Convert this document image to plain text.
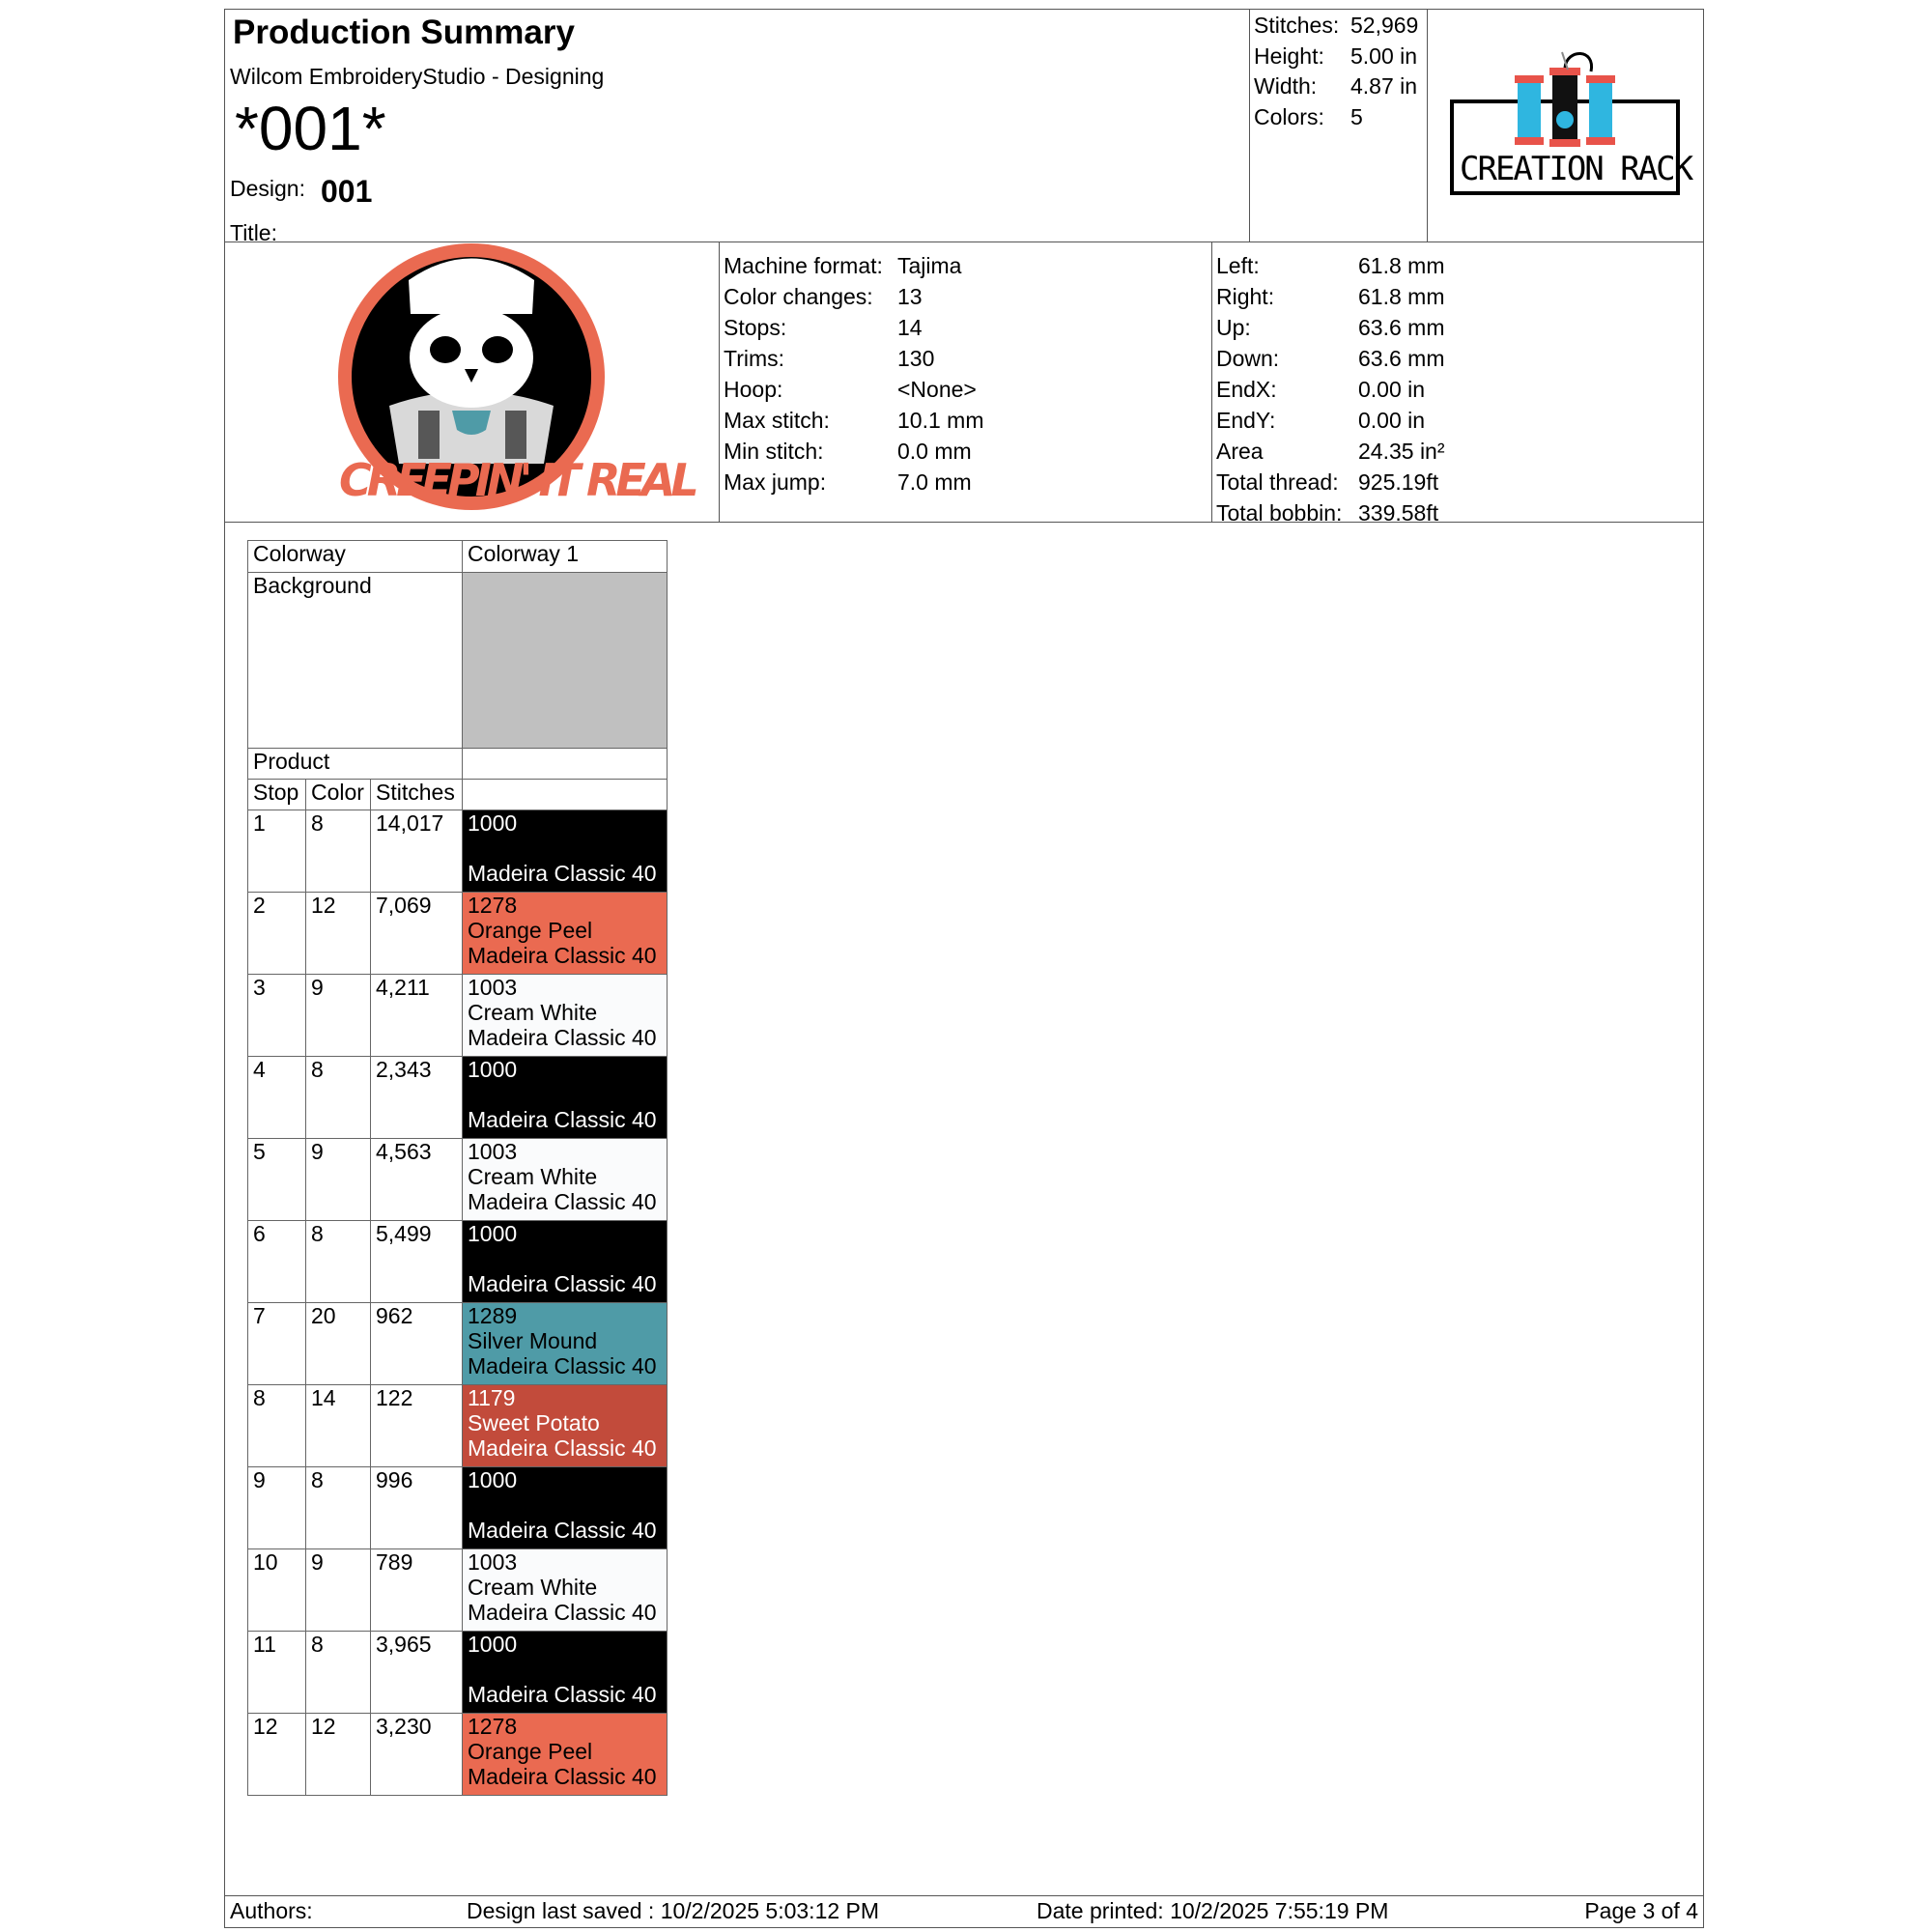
Production Summary
Wilcom EmbroideryStudio - Designing
*001*
Design: 001
Title:
Stitches: 52,969
Height: 5.00 in
Width: 4.87 in
Colors: 5
CREATION RACK
CREEPIN' IT REAL
Machine format: Tajima
Color changes: 13
Stops:	14
Trims:	130
Hoop:	<None>
Max stitch:	10.1 mm
Min stitch:	0.0 mm
Max jump:	7.0 mm
Left:	61.8 mm
Right:	61.8 mm
Up:	63.6 mm
Down:	63.6 mm
EndX:	0.00 in
EndY:	0.00 in
Area	24.35 in²
Total thread: 925.19ft
Total bobbin: 339.58ft
Colorway			Colorway 1
Background			
Product			
Stop	Color	Stitches	
1	8	14,017	1000
Madeira Classic 40

2	12	7,069	1278
Orange Peel
Madeira Classic 40

3	9	4,211	1003
Cream White
Madeira Classic 40

4	8	2,343	1000
Madeira Classic 40

5	9	4,563	1003
Cream White
Madeira Classic 40

6	8	5,499	1000
Madeira Classic 40

7	20	962	1289
Silver Mound
Madeira Classic 40

8	14	122	1179
Sweet Potato
Madeira Classic 40

9	8	996	1000
Madeira Classic 40

10	9	789	1003
Cream White
Madeira Classic 40

11	8	3,965	1000
Madeira Classic 40

12	12	3,230	1278
Orange Peel
Madeira Classic 40
Authors:	Design last saved : 10/2/2025 5:03:12 PM	Date printed: 10/2/2025 7:55:19 PM	Page 3 of 4
